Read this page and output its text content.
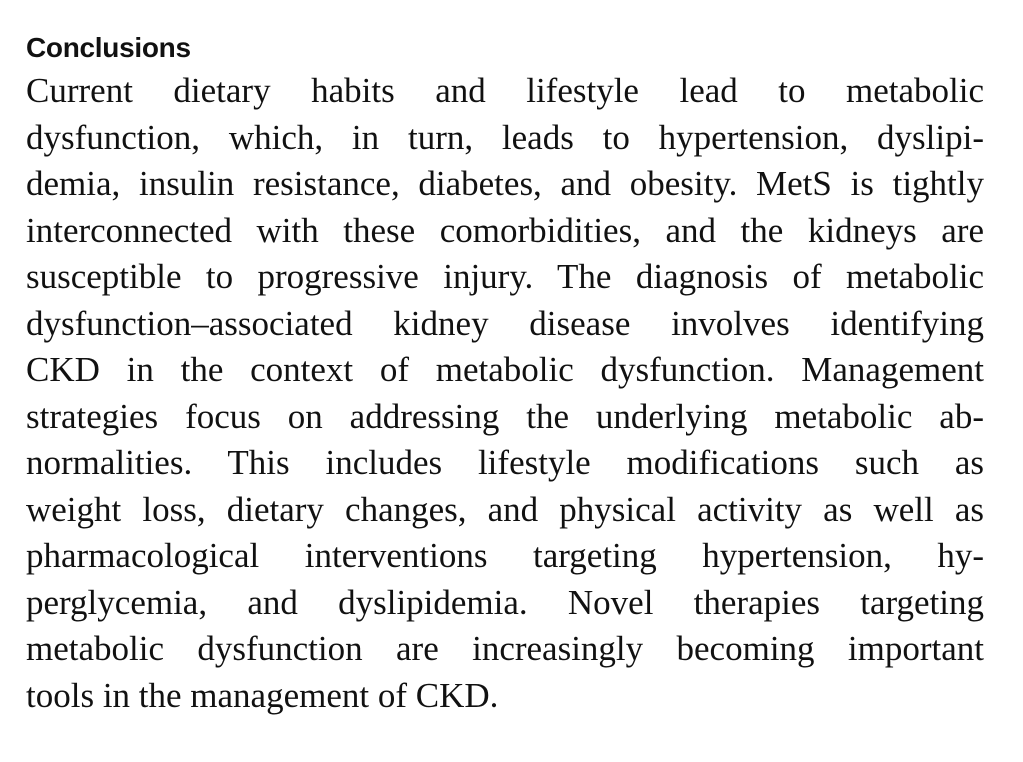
Conclusions
Current dietary habits and lifestyle lead to metabolic
dysfunction, which, in turn, leads to hypertension, dyslipi-
demia, insulin resistance, diabetes, and obesity. MetS is tightly
interconnected with these comorbidities, and the kidneys are
susceptible to progressive injury. The diagnosis of metabolic
dysfunction–associated kidney disease involves identifying
CKD in the context of metabolic dysfunction. Management
strategies focus on addressing the underlying metabolic ab-
normalities. This includes lifestyle modifications such as
weight loss, dietary changes, and physical activity as well as
pharmacological interventions targeting hypertension, hy-
perglycemia, and dyslipidemia. Novel therapies targeting
metabolic dysfunction are increasingly becoming important
tools in the management of CKD.
